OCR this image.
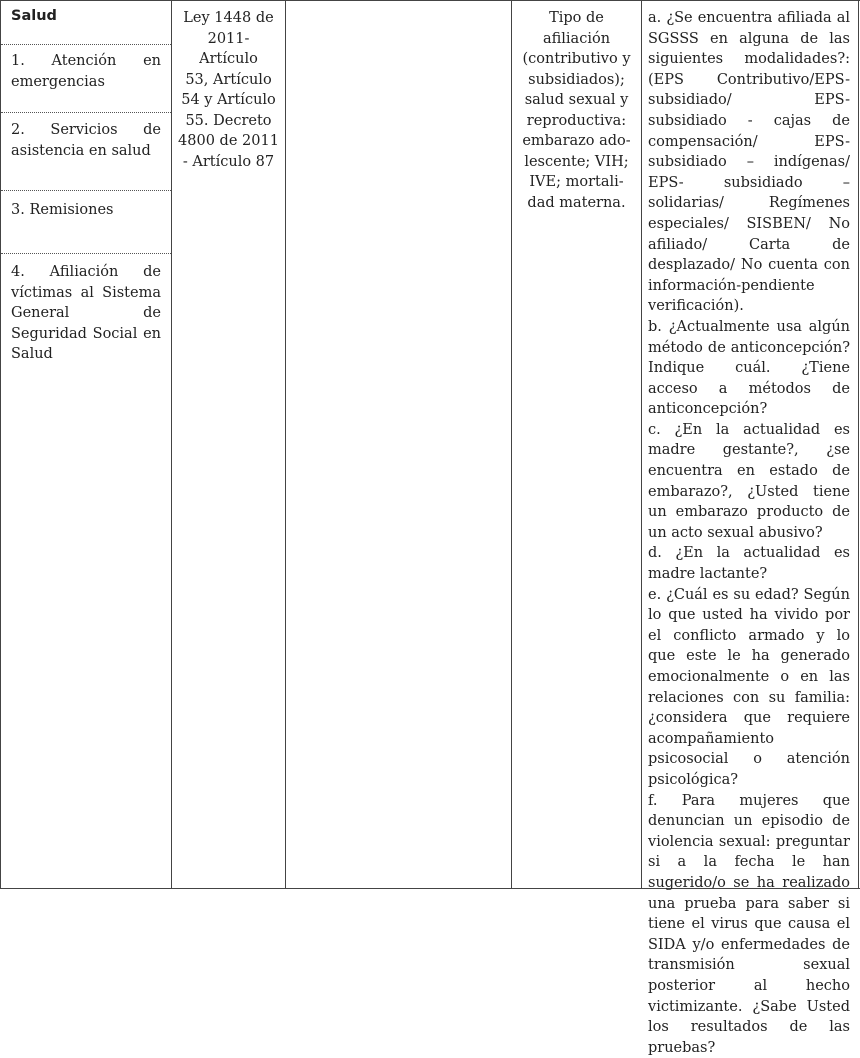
Salud
1. Atención en emergencias
2. Servicios de asistencia en salud
3. Remisiones
4. Afiliación de víctimas al Sistema General de Seguridad Social en Salud
Ley 1448 de
2011- Artículo
53, Artículo
54 y Artículo
55. Decreto
4800 de 2011
- Artículo 87
Tipo de
afiliación
(contributivo y
subsidiados);
salud sexual y
reproductiva:
embarazo ado-
lescente; VIH;
IVE; mortali-
dad materna.

a. ¿Se encuentra afiliada al SGSSS en alguna de las siguientes modalidades?: (EPS Contributivo/EPS- subsidiado/ EPS- subsidiado - cajas de compensación/ EPS- subsidiado – indígenas/ EPS- subsidiado – solidarias/ Regímenes especiales/ SISBEN/ No afiliado/ Carta de desplazado/ No cuenta con información-pendiente verificación).

b. ¿Actualmente usa algún método de anticoncepción? Indique cuál. ¿Tiene acceso a métodos de anticoncepción?

c. ¿En la actualidad es madre gestante?, ¿se encuentra en estado de embarazo?, ¿Usted tiene un embarazo producto de un acto sexual abusivo?

d. ¿En la actualidad es madre lactante?

e. ¿Cuál es su edad? Según lo que usted ha vivido por el conflicto armado y lo que este le ha generado emocionalmente o en las relaciones con su familia: ¿considera que requiere acompañamiento psicosocial o atención psicológica?

f. Para mujeres que denuncian un episodio de violencia sexual: preguntar si a la fecha le han sugerido/o se ha realizado una prueba para saber si tiene el virus que causa el SIDA y/o enfermedades de transmisión sexual posterior al hecho victimizante. ¿Sabe Usted los resultados de las pruebas?
